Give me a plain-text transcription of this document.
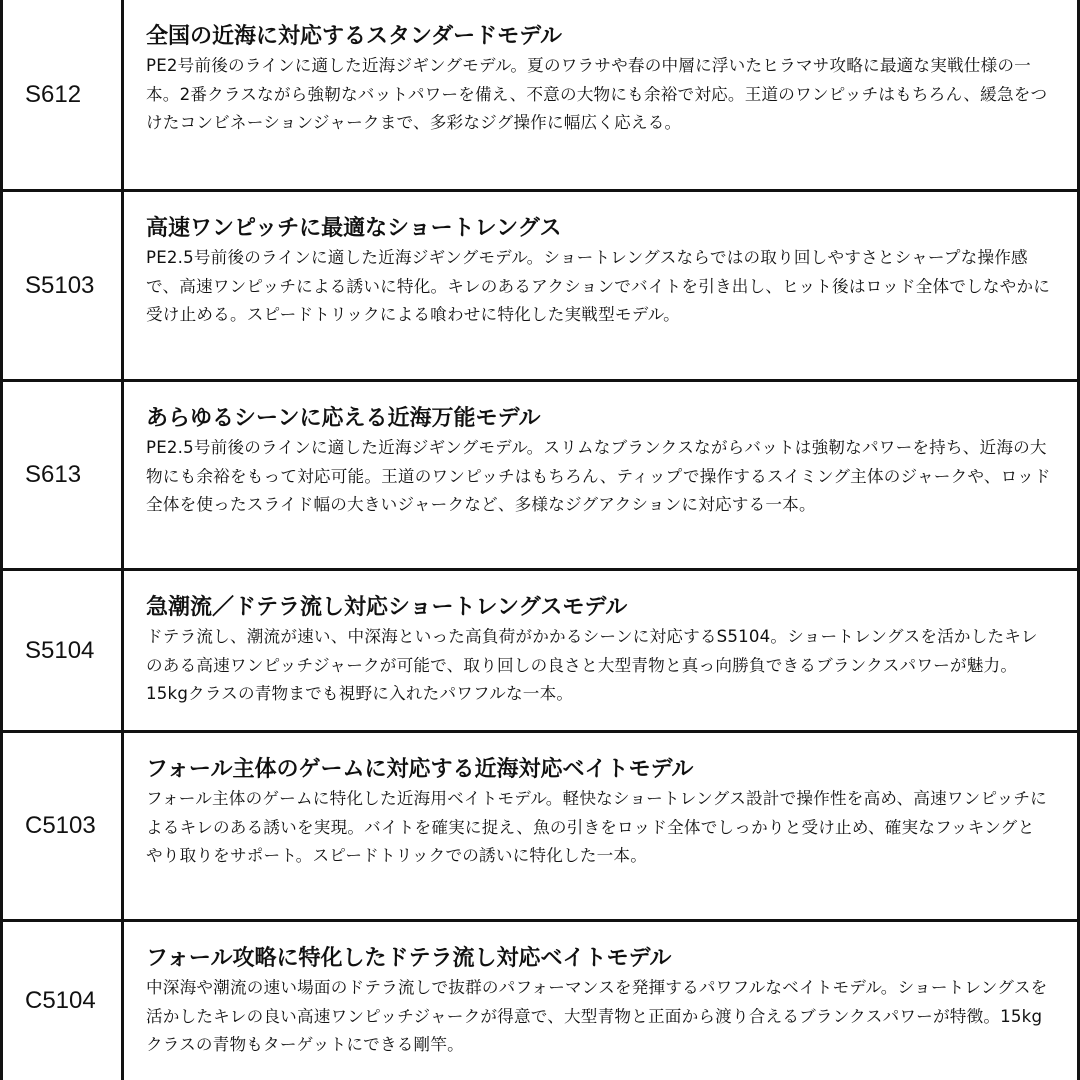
S612

全国の近海に対応するスタンダードモデル

PE2号前後のラインに適した近海ジギングモデル。夏のワラサや春の中層に浮いたヒラマサ攻略に最適な実戦仕様の一本。2番クラスながら強靭なバットパワーを備え、不意の大物にも余裕で対応。王道のワンピッチはもちろん、緩急をつけたコンビネーションジャークまで、多彩なジグ操作に幅広く応える。

S5103

高速ワンピッチに最適なショートレングス

PE2.5号前後のラインに適した近海ジギングモデル。ショートレングスならではの取り回しやすさとシャープな操作感で、高速ワンピッチによる誘いに特化。キレのあるアクションでバイトを引き出し、ヒット後はロッド全体でしなやかに受け止める。スピードトリックによる喰わせに特化した実戦型モデル。

S613

あらゆるシーンに応える近海万能モデル

PE2.5号前後のラインに適した近海ジギングモデル。スリムなブランクスながらバットは強靭なパワーを持ち、近海の大物にも余裕をもって対応可能。王道のワンピッチはもちろん、ティップで操作するスイミング主体のジャークや、ロッド全体を使ったスライド幅の大きいジャークなど、多様なジグアクションに対応する一本。

S5104

急潮流／ドテラ流し対応ショートレングスモデル

ドテラ流し、潮流が速い、中深海といった高負荷がかかるシーンに対応するS5104。ショートレングスを活かしたキレのある高速ワンピッチジャークが可能で、取り回しの良さと大型青物と真っ向勝負できるブランクスパワーが魅力。15kgクラスの青物までも視野に入れたパワフルな一本。

C5103

フォール主体のゲームに対応する近海対応ベイトモデル

フォール主体のゲームに特化した近海用ベイトモデル。軽快なショートレングス設計で操作性を高め、高速ワンピッチによるキレのある誘いを実現。バイトを確実に捉え、魚の引きをロッド全体でしっかりと受け止め、確実なフッキングとやり取りをサポート。スピードトリックでの誘いに特化した一本。

C5104

フォール攻略に特化したドテラ流し対応ベイトモデル

中深海や潮流の速い場面のドテラ流しで抜群のパフォーマンスを発揮するパワフルなベイトモデル。ショートレングスを活かしたキレの良い高速ワンピッチジャークが得意で、大型青物と正面から渡り合えるブランクスパワーが特徴。15kgクラスの青物もターゲットにできる剛竿。
